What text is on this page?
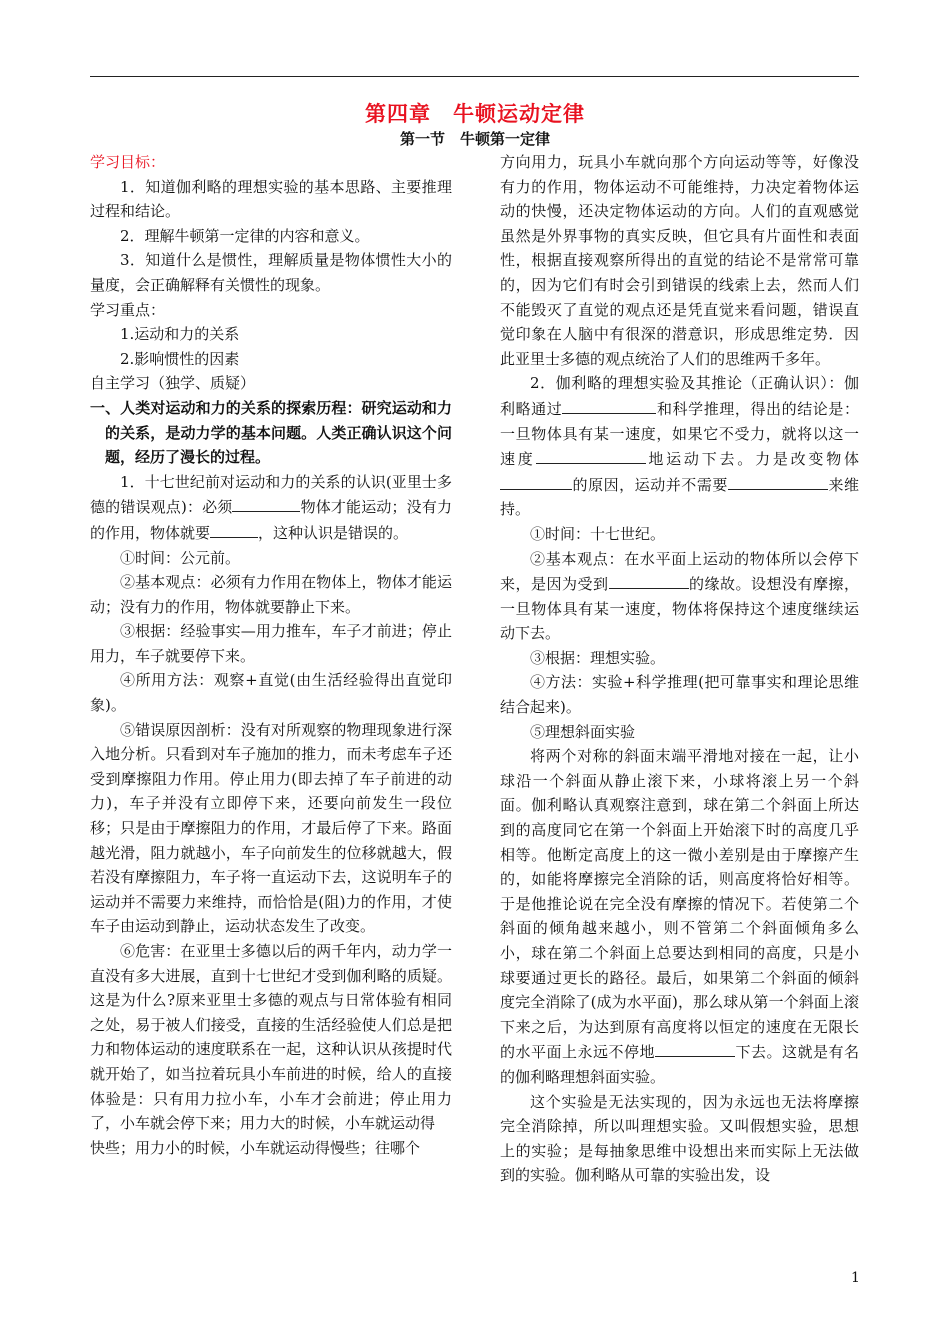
第四章　牛顿运动定律
第一节　牛顿第一定律

学习目标：

1．知道伽利略的理想实验的基本思路、主要推理过程和结论。

2．理解牛顿第一定律的内容和意义。

3．知道什么是惯性，理解质量是物体惯性大小的量度，会正确解释有关惯性的现象。

学习重点：

1.运动和力的关系

2.影响惯性的因素

自主学习（独学、质疑）

一、人类对运动和力的关系的探索历程：研究运动和力的关系，是动力学的基本问题。人类正确认识这个问题，经历了漫长的过程。

1．十七世纪前对运动和力的关系的认识(亚里士多德的错误观点)：必须	物体才能运动；没有力的作用，物体就要	，这种认识是错误的。

①时间：公元前。

②基本观点：必须有力作用在物体上，物体才能运动；没有力的作用，物体就要静止下来。

③根据：经验事实—用力推车，车子才前进；停止用力，车子就要停下来。

④所用方法：观察+直觉(由生活经验得出直觉印象)。

⑤错误原因剖析：没有对所观察的物理现象进行深入地分析。只看到对车子施加的推力，而未考虑车子还受到摩擦阻力作用。停止用力(即去掉了车子前进的动力)，车子并没有立即停下来，还要向前发生一段位移；只是由于摩擦阻力的作用，才最后停了下来。路面越光滑，阻力就越小，车子向前发生的位移就越大，假若没有摩擦阻力，车子将一直运动下去，这说明车子的运动并不需要力来维持，而恰恰是(阻)力的作用，才使车子由运动到静止，运动状态发生了改变。

⑥危害：在亚里士多德以后的两千年内，动力学一直没有多大进展，直到十七世纪才受到伽利略的质疑。这是为什么?原来亚里士多德的观点与日常体验有相同之处，易于被人们接受，直接的生活经验使人们总是把力和物体运动的速度联系在一起，这种认识从孩提时代就开始了，如当拉着玩具小车前进的时候，给人的直接体验是：只有用力拉小车，小车才会前进；停止用力了，小车就会停下来；用力大的时候，小车就运动得

快些；用力小的时候，小车就运动得慢些；往哪个

方向用力，玩具小车就向那个方向运动等等，好像没有力的作用，物体运动不可能维持，力决定着物体运动的快慢，还决定物体运动的方向。人们的直观感觉虽然是外界事物的真实反映，但它具有片面性和表面性，根据直接观察所得出的直觉的结论不是常常可靠的，因为它们有时会引到错误的线索上去，然而人们不能毁灭了直觉的观点还是凭直觉来看问题，错误直觉印象在人脑中有很深的潜意识，形成思维定势．因此亚里士多德的观点统治了人们的思维两千多年。

2．伽利略的理想实验及其推论（正确认识）：伽利略通过	和科学推理，得出的结论是：一旦物体具有某一速度，如果它不受力，就将以这一速度	地运动下去。力是改变物体的原因，运动并不需要	来维持。

①时间：十七世纪。

②基本观点：在水平面上运动的物体所以会停下来，是因为受到	的缘故。设想没有摩擦，一旦物体具有某一速度，物体将保持这个速度继续运动下去。

③根据：理想实验。

④方法：实验+科学推理(把可靠事实和理论思维结合起来)。

⑤理想斜面实验

将两个对称的斜面末端平滑地对接在一起，让小球沿一个斜面从静止滚下来，小球将滚上另一个斜面。伽利略认真观察注意到，球在第二个斜面上所达到的高度同它在第一个斜面上开始滚下时的高度几乎相等。他断定高度上的这一微小差别是由于摩擦产生的，如能将摩擦完全消除的话，则高度将恰好相等。于是他推论说在完全没有摩擦的情况下。若使第二个斜面的倾角越来越小，则不管第二个斜面倾角多么小，球在第二个斜面上总要达到相同的高度，只是小球要通过更长的路径。最后，如果第二个斜面的倾斜度完全消除了(成为水平面)，那么球从第一个斜面上滚下来之后，为达到原有高度将以恒定的速度在无限长的水平面上永远不停地	下去。这就是有名的伽利略理想斜面实验。

这个实验是无法实现的，因为永远也无法将摩擦完全消除掉，所以叫理想实验。又叫假想实验，思想上的实验；是每抽象思维中设想出来而实际上无法做到的实验。伽利略从可靠的实验出发，设

1
